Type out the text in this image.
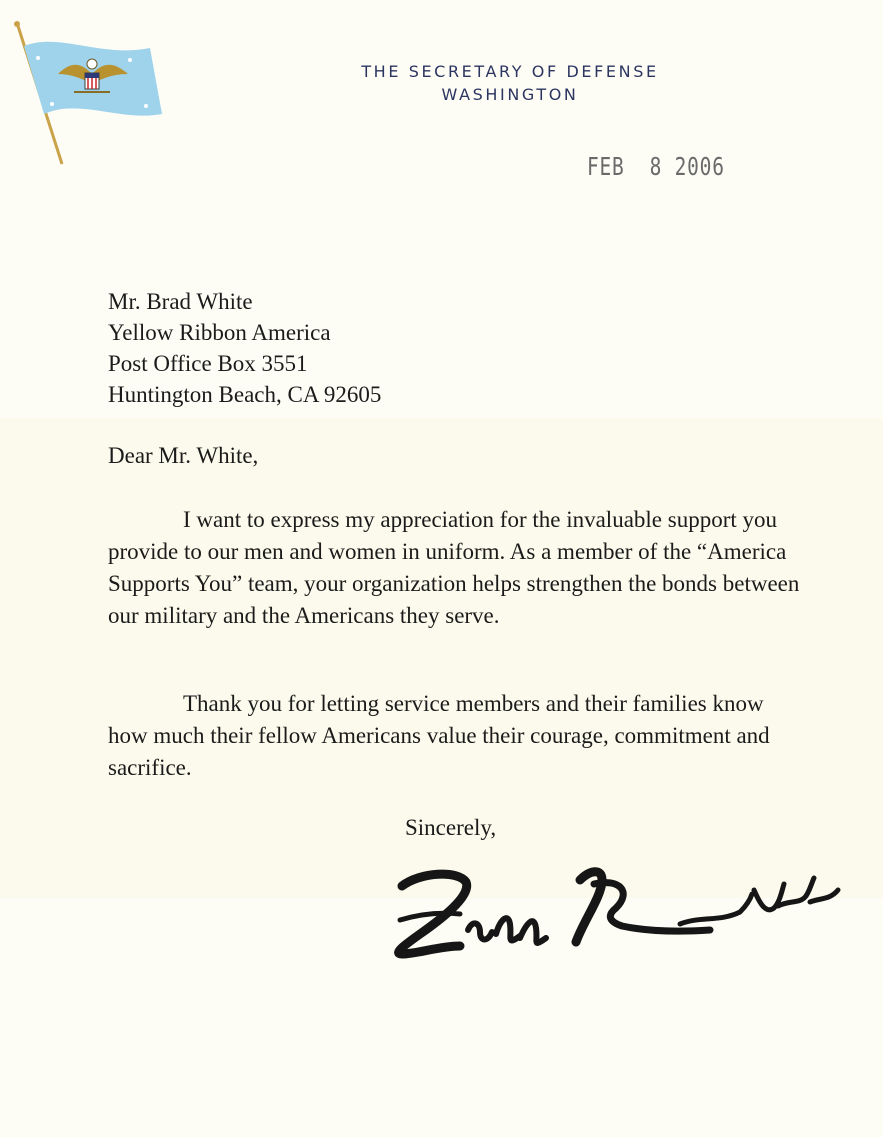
THE SECRETARY OF DEFENSE
WASHINGTON
FEB  8 2006
Mr. Brad White
Yellow Ribbon America
Post Office Box 3551
Huntington Beach, CA 92605
Dear Mr. White,
I want to express my appreciation for the invaluable support you provide to our men and women in uniform. As a member of the “America Supports You” team, your organization helps strengthen the bonds between our military and the Americans they serve.
Thank you for letting service members and their families know how much their fellow Americans value their courage, commitment and sacrifice.
Sincerely,
